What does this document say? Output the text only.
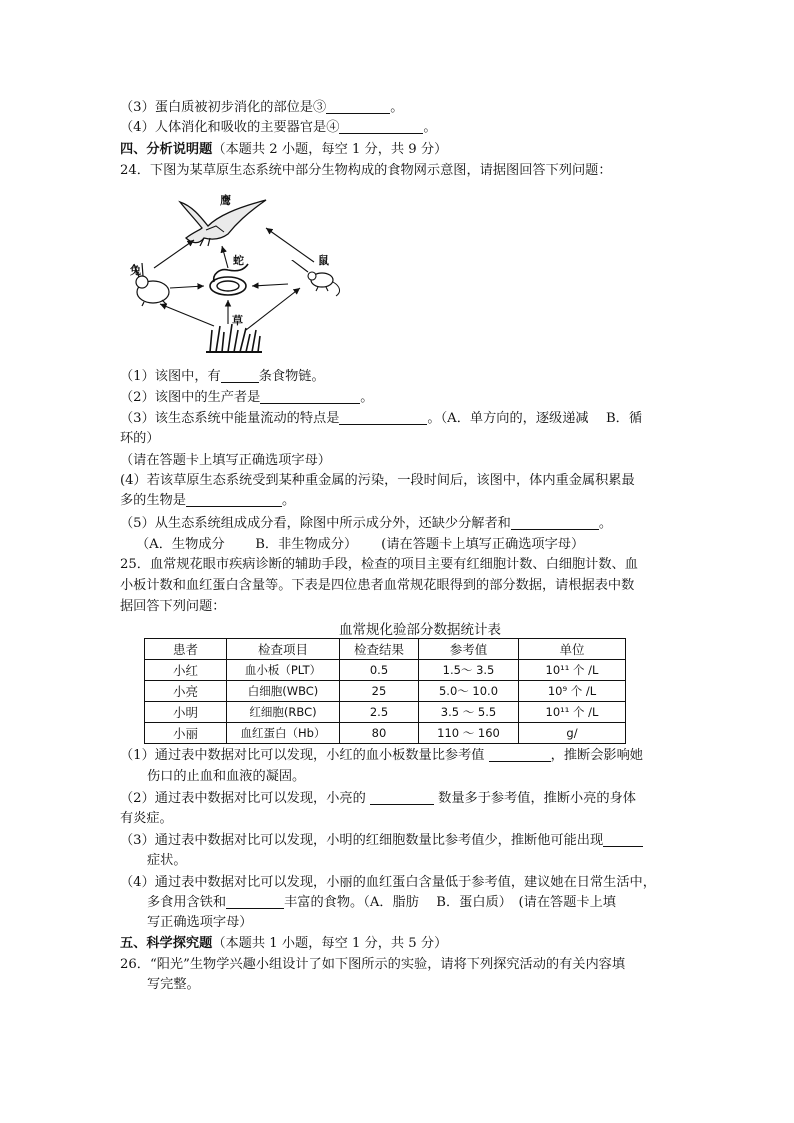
（3）蛋白质被初步消化的部位是③	。
（4）人体消化和吸收的主要器官是④	。
四、分析说明题（本题共 2 小题，每空 1 分，共 9 分）
24．下图为某草原生态系统中部分生物构成的食物网示意图，请据图回答下列问题：
鹰
兔
蛇
草
鼠
（1）该图中，有	条食物链。
（2）该图中的生产者是	。
（3）该生态系统中能量流动的特点是	。（A．单方向的，逐级递减　 B．循
环的）
（请在答题卡上填写正确选项字母）
(4）若该草原生态系统受到某种重金属的污染，一段时间后，该图中，体内重金属积累最
多的生物是	。
（5）从生态系统组成成分看，除图中所示成分外，还缺少分解者和	。
（A．生物成分　　 B．非生物成分）　　 (请在答题卡上填写正确选项字母）
25．血常规花眼市疾病诊断的辅助手段，检查的项目主要有红细胞计数、白细胞计数、血
小板计数和血红蛋白含量等。下表是四位患者血常规花眼得到的部分数据，请根据表中数
据回答下列问题：
血常规化验部分数据统计表
患者	检查项目	检查结果	参考值	单位
小红	血小板（PLT）	0.5	1.5～ 3.5	10¹¹ 个 /L
小亮	白细胞(WBC)	25	5.0～ 10.0	10⁹ 个 /L
小明	红细胞(RBC)	2.5	3.5 ～ 5.5	10¹¹ 个 /L
小丽	血红蛋白（Hb）	80	110 ～ 160	g/
（1）通过表中数据对比可以发现，小红的血小板数量比参考值	，推断会影响她
伤口的止血和血液的凝固。
（2）通过表中数据对比可以发现，小亮的	数量多于参考值，推断小亮的身体
有炎症。
（3）通过表中数据对比可以发现，小明的红细胞数量比参考值少，推断他可能出现
症状。
（4）通过表中数据对比可以发现，小丽的血红蛋白含量低于参考值，建议她在日常生活中，
多食用含铁和	丰富的食物。（A．脂肪　 B．蛋白质）　(请在答题卡上填
写正确选项字母）
五、科学探究题（本题共 1 小题，每空 1 分，共 5 分）
26．“阳光”生物学兴趣小组设计了如下图所示的实验，请将下列探究活动的有关内容填
写完整。
